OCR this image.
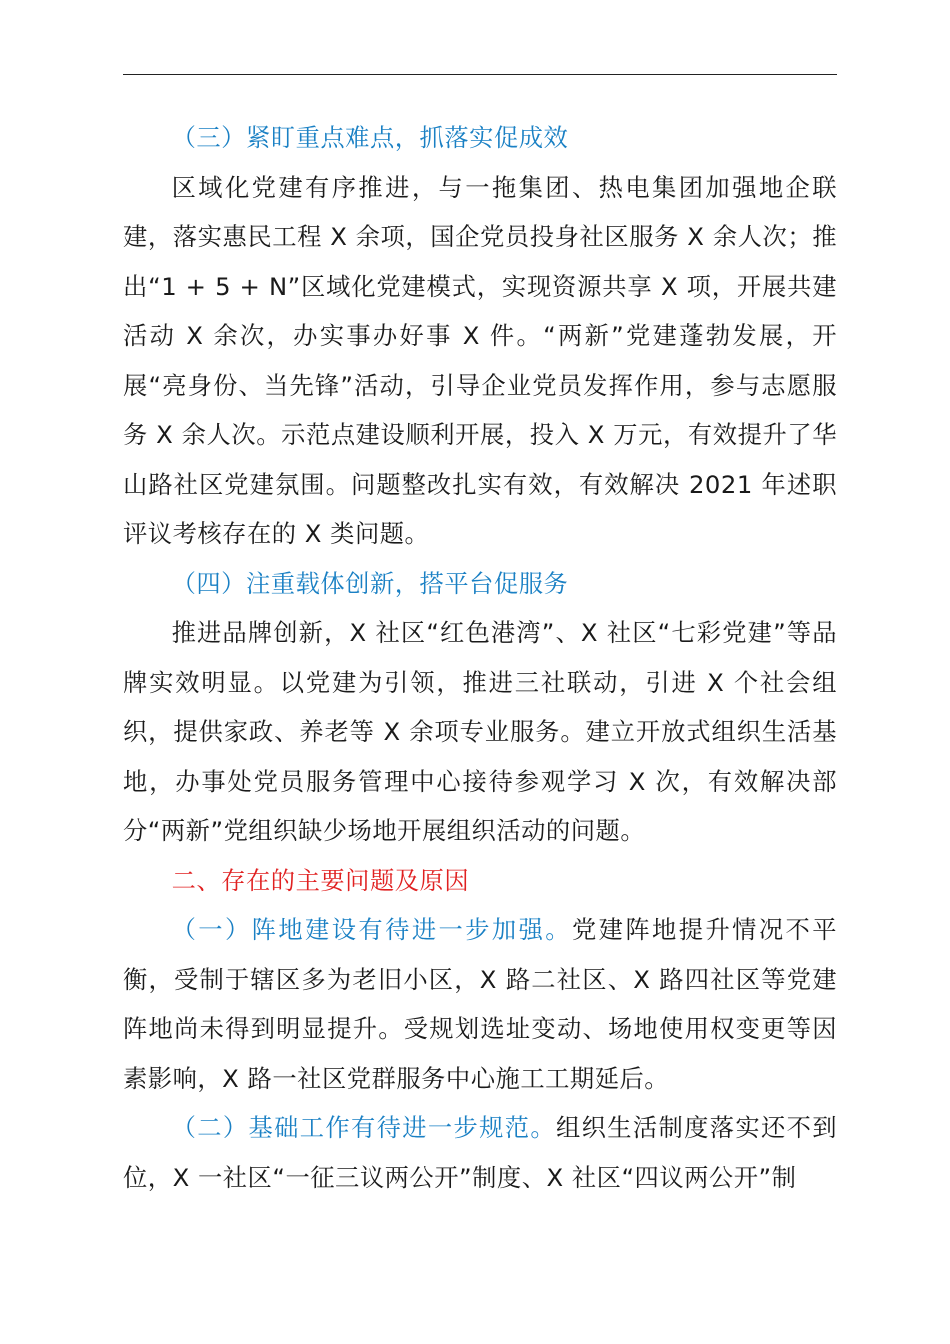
（三）紧盯重点难点，抓落实促成效

区域化党建有序推进，与一拖集团、热电集团加强地企联建，落实惠民工程 X 余项，国企党员投身社区服务 X 余人次；推出“1 + 5 + N”区域化党建模式，实现资源共享 X 项，开展共建活动 X 余次，办实事办好事 X 件。“两新”党建蓬勃发展，开展“亮身份、当先锋”活动，引导企业党员发挥作用，参与志愿服务 X 余人次。示范点建设顺利开展，投入 X 万元，有效提升了华山路社区党建氛围。问题整改扎实有效，有效解决 2021 年述职评议考核存在的 X 类问题。

（四）注重载体创新，搭平台促服务

推进品牌创新，X 社区“红色港湾”、X 社区“七彩党建”等品牌实效明显。以党建为引领，推进三社联动，引进 X 个社会组织，提供家政、养老等 X 余项专业服务。建立开放式组织生活基地，办事处党员服务管理中心接待参观学习 X 次，有效解决部分“两新”党组织缺少场地开展组织活动的问题。

二、存在的主要问题及原因

（一）阵地建设有待进一步加强。党建阵地提升情况不平衡，受制于辖区多为老旧小区，X 路二社区、X 路四社区等党建阵地尚未得到明显提升。受规划选址变动、场地使用权变更等因素影响，X 路一社区党群服务中心施工工期延后。

（二）基础工作有待进一步规范。组织生活制度落实还不到位，X 一社区“一征三议两公开”制度、X 社区“四议两公开”制
